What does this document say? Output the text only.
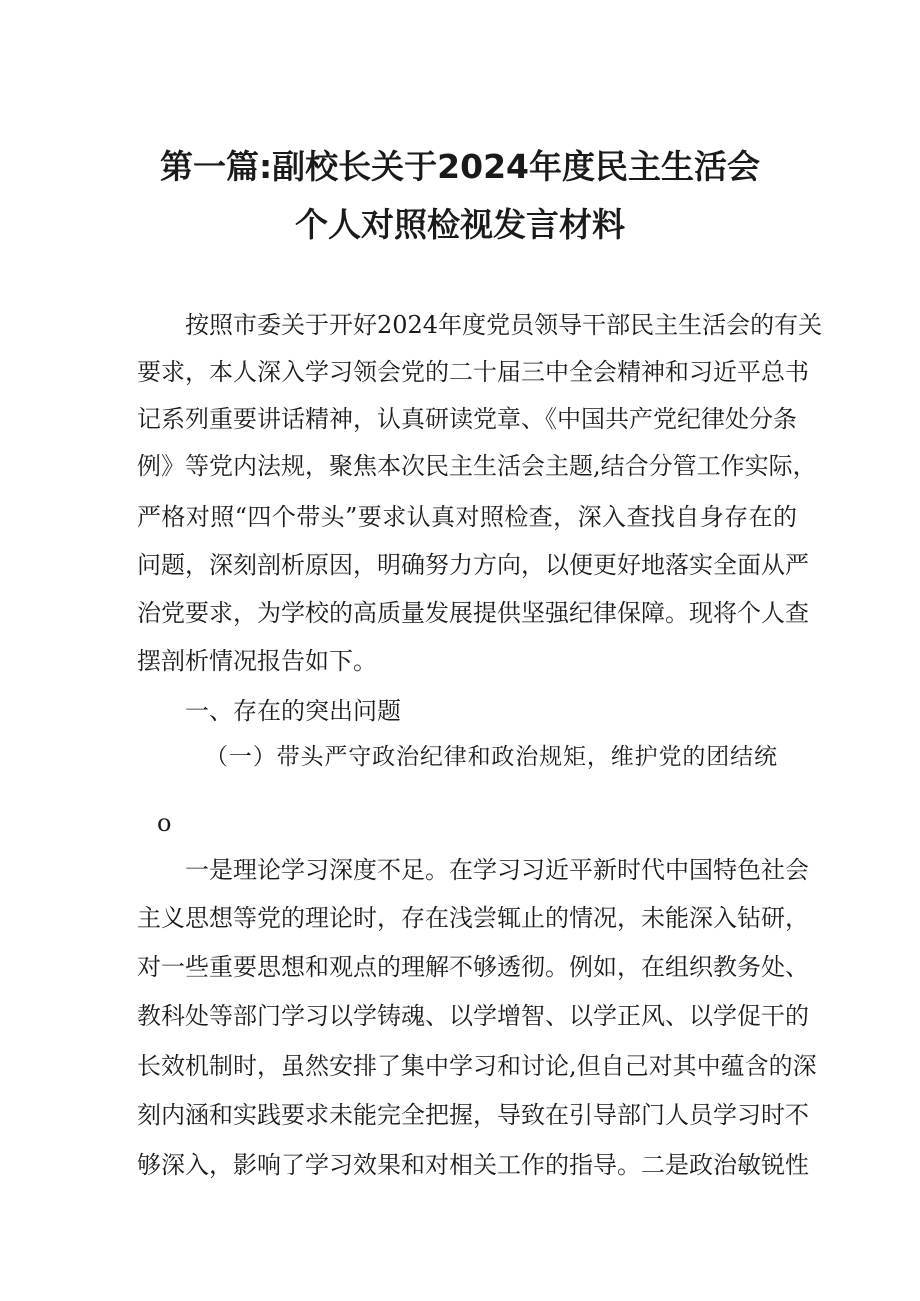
第一篇:副校长关于2024年度民主生活会
个人对照检视发言材料
按照市委关于开好2024年度党员领导干部民主生活会的有关
要求，本人深入学习领会党的二十届三中全会精神和习近平总书
记系列重要讲话精神，认真研读党章、《中国共产党纪律处分条
例》等党内法规，聚焦本次民主生活会主题,结合分管工作实际，
严格对照“四个带头”要求认真对照检查，深入查找自身存在的
问题，深刻剖析原因，明确努力方向，以便更好地落实全面从严
治党要求，为学校的高质量发展提供坚强纪律保障。现将个人查
摆剖析情况报告如下。
一、存在的突出问题
（一）带头严守政治纪律和政治规矩，维护党的团结统
o
一是理论学习深度不足。在学习习近平新时代中国特色社会
主义思想等党的理论时，存在浅尝辄止的情况，未能深入钻研，
对一些重要思想和观点的理解不够透彻。例如，在组织教务处、
教科处等部门学习以学铸魂、以学增智、以学正风、以学促干的
长效机制时，虽然安排了集中学习和讨论,但自己对其中蕴含的深
刻内涵和实践要求未能完全把握，导致在引导部门人员学习时不
够深入，影响了学习效果和对相关工作的指导。二是政治敏锐性
